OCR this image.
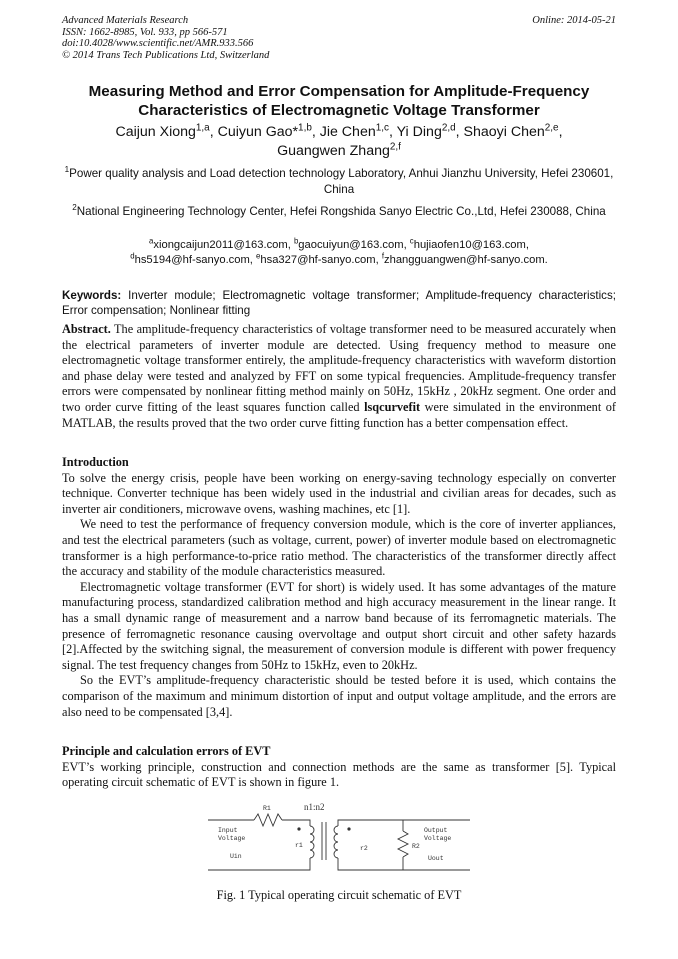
Advanced Materials Research
ISSN: 1662-8985, Vol. 933, pp 566-571
doi:10.4028/www.scientific.net/AMR.933.566
© 2014 Trans Tech Publications Ltd, Switzerland
Online: 2014-05-21
Measuring Method and Error Compensation for Amplitude-Frequency
Characteristics of Electromagnetic Voltage Transformer
Caijun Xiong$^{1,a}$, Cuiyun Gao*$^{1,b}$, Jie Chen$^{1,c}$, Yi Ding$^{2,d}$, Shaoyi Chen$^{2,e}$,
Guangwen Zhang$^{2,f}$
$^1$Power quality analysis and Load detection technology Laboratory, Anhui Jianzhu University, Hefei 230601, China
$^2$National Engineering Technology Center, Hefei Rongshida Sanyo Electric Co.,Ltd, Hefei 230088, China
$^a$xiongcaijun2011@163.com, $^b$gaocuiyun@163.com, $^c$hujiaofen10@163.com,
$^d$hs5194@hf-sanyo.com, $^e$hsa327@hf-sanyo.com, $^f$zhangguangwen@hf-sanyo.com.
Keywords: Inverter module; Electromagnetic voltage transformer; Amplitude-frequency characteristics; Error compensation; Nonlinear fitting

Abstract. The amplitude-frequency characteristics of voltage transformer need to be measured accurately when the electrical parameters of inverter module are detected. Using frequency method to measure one electromagnetic voltage transformer entirely, the amplitude-frequency characteristics with waveform distortion and phase delay were tested and analyzed by FFT on some typical frequencies. Amplitude-frequency transfer errors were compensated by nonlinear fitting method mainly on 50Hz, 15kHz , 20kHz segment. One order and two order curve fitting of the least squares function called lsqcurvefit were simulated in the environment of MATLAB, the results proved that the two order curve fitting function has a better compensation effect.

Introduction

To solve the energy crisis, people have been working on energy-saving technology especially on converter technique. Converter technique has been widely used in the industrial and civilian areas for decades, such as inverter air conditioners, microwave ovens, washing machines, etc [1].

We need to test the performance of frequency conversion module, which is the core of inverter appliances, and test the electrical parameters (such as voltage, current, power) of inverter module based on electromagnetic transformer is a high performance-to-price ratio method. The characteristics of the transformer directly affect the accuracy and stability of the module characteristics measured.

Electromagnetic voltage transformer (EVT for short) is widely used. It has some advantages of the mature manufacturing process, standardized calibration method and high accuracy measurement in the linear range. It has a small dynamic range of measurement and a narrow band because of its ferromagnetic materials. The presence of ferromagnetic resonance causing overvoltage and output short circuit and other safety hazards [2].Affected by the switching signal, the measurement of conversion module is different with power frequency signal. The test frequency changes from 50Hz to 15kHz, even to 20kHz.

So the EVT’s amplitude-frequency characteristic should be tested before it is used, which contains the comparison of the maximum and minimum distortion of input and output voltage amplitude, and the errors are also need to be compensated [3,4].

Principle and calculation errors of EVT

EVT’s working principle, construction and connection methods are the same as transformer [5]. Typical operating circuit schematic of EVT is shown in figure 1.

R1	n1:n2
Input
Voltage
Uin
r1	r2	R2
Output
Voltage
Uout
Fig. 1 Typical operating circuit schematic of EVT
